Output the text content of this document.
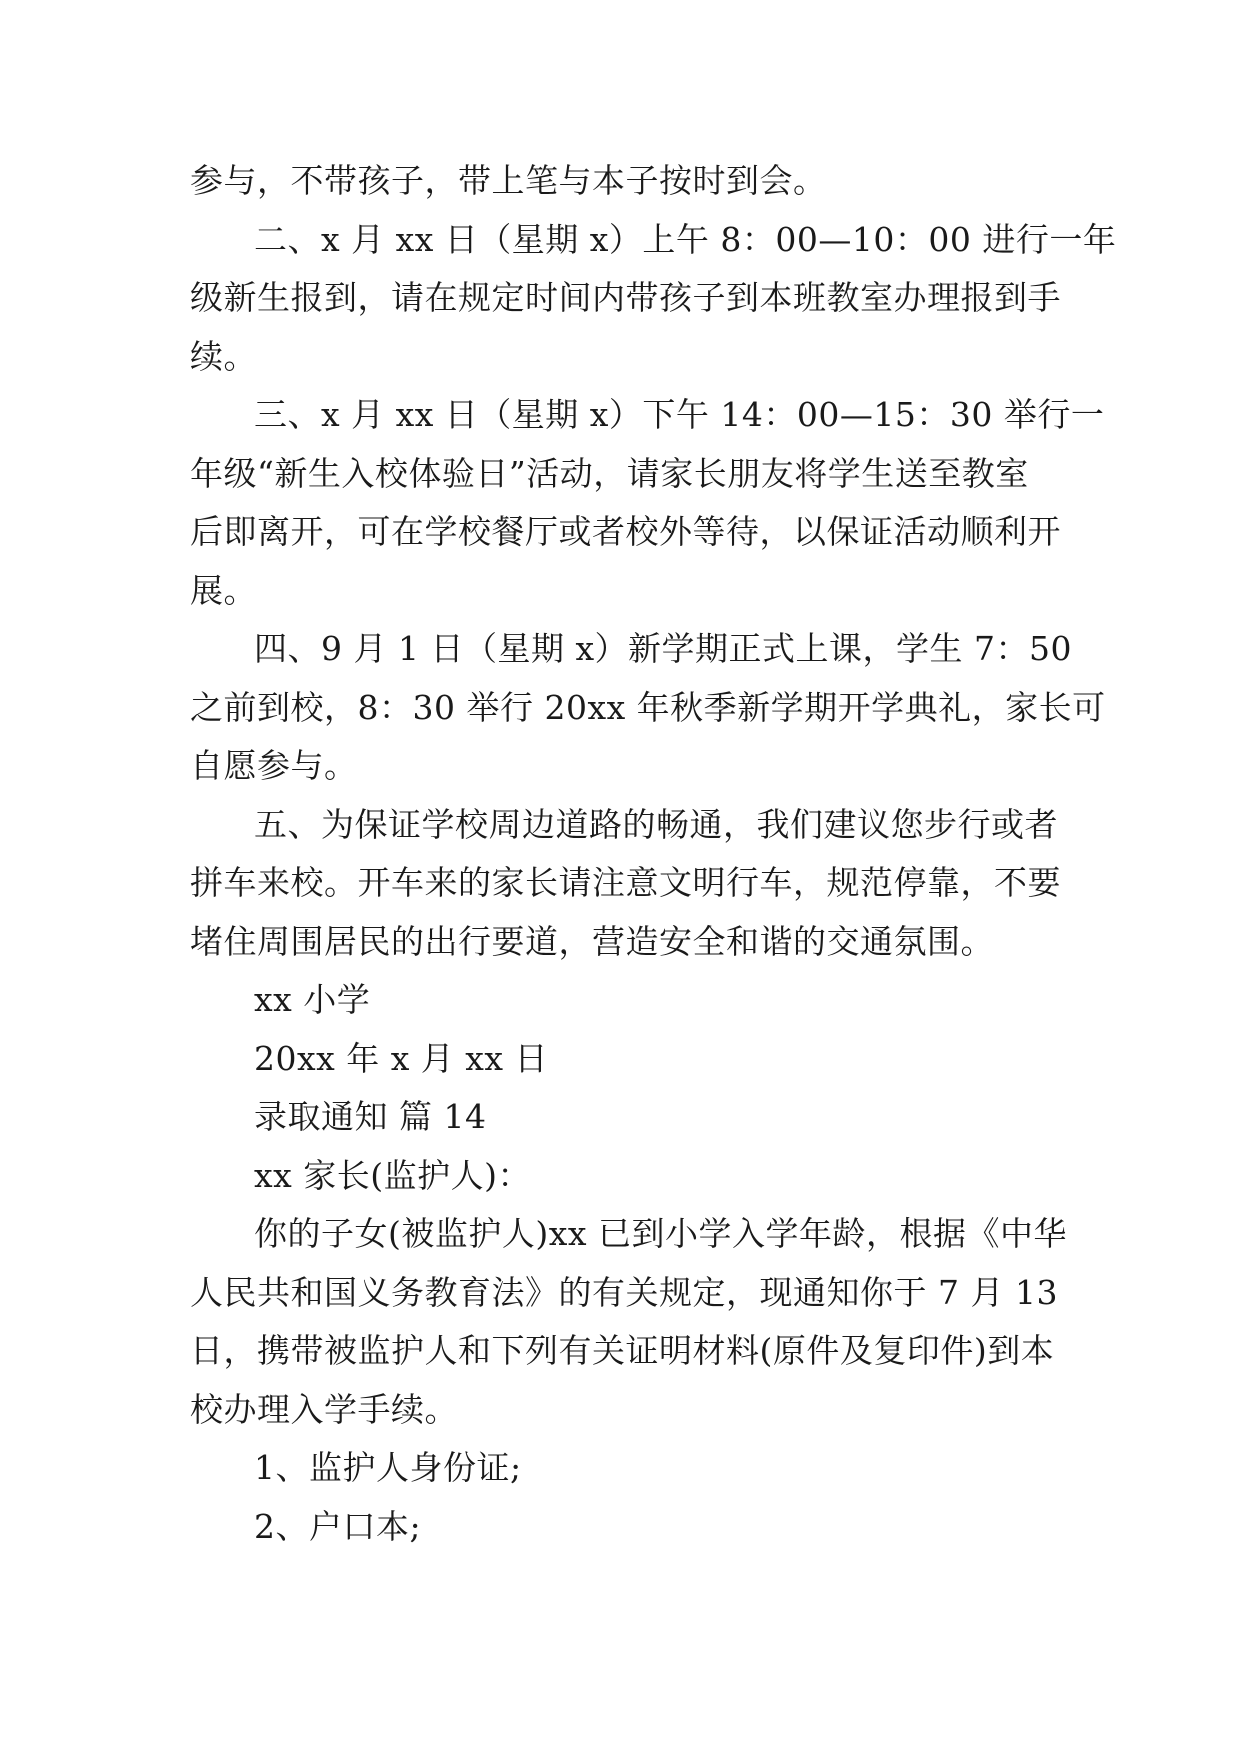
参与，不带孩子，带上笔与本子按时到会。
二、x 月 xx 日（星期 x）上午 8：00—10：00 进行一年
级新生报到，请在规定时间内带孩子到本班教室办理报到手
续。
三、x 月 xx 日（星期 x）下午 14：00—15：30 举行一
年级“新生入校体验日”活动，请家长朋友将学生送至教室
后即离开，可在学校餐厅或者校外等待，以保证活动顺利开
展。
四、9 月 1 日（星期 x）新学期正式上课，学生 7：50
之前到校，8：30 举行 20xx 年秋季新学期开学典礼，家长可
自愿参与。
五、为保证学校周边道路的畅通，我们建议您步行或者
拼车来校。开车来的家长请注意文明行车，规范停靠，不要
堵住周围居民的出行要道，营造安全和谐的交通氛围。
xx 小学
20xx 年 x 月 xx 日
录取通知 篇 14
xx 家长(监护人)：
你的子女(被监护人)xx 已到小学入学年龄，根据《中华
人民共和国义务教育法》的有关规定，现通知你于 7 月 13
日，携带被监护人和下列有关证明材料(原件及复印件)到本
校办理入学手续。
1、监护人身份证;
2、户口本;
